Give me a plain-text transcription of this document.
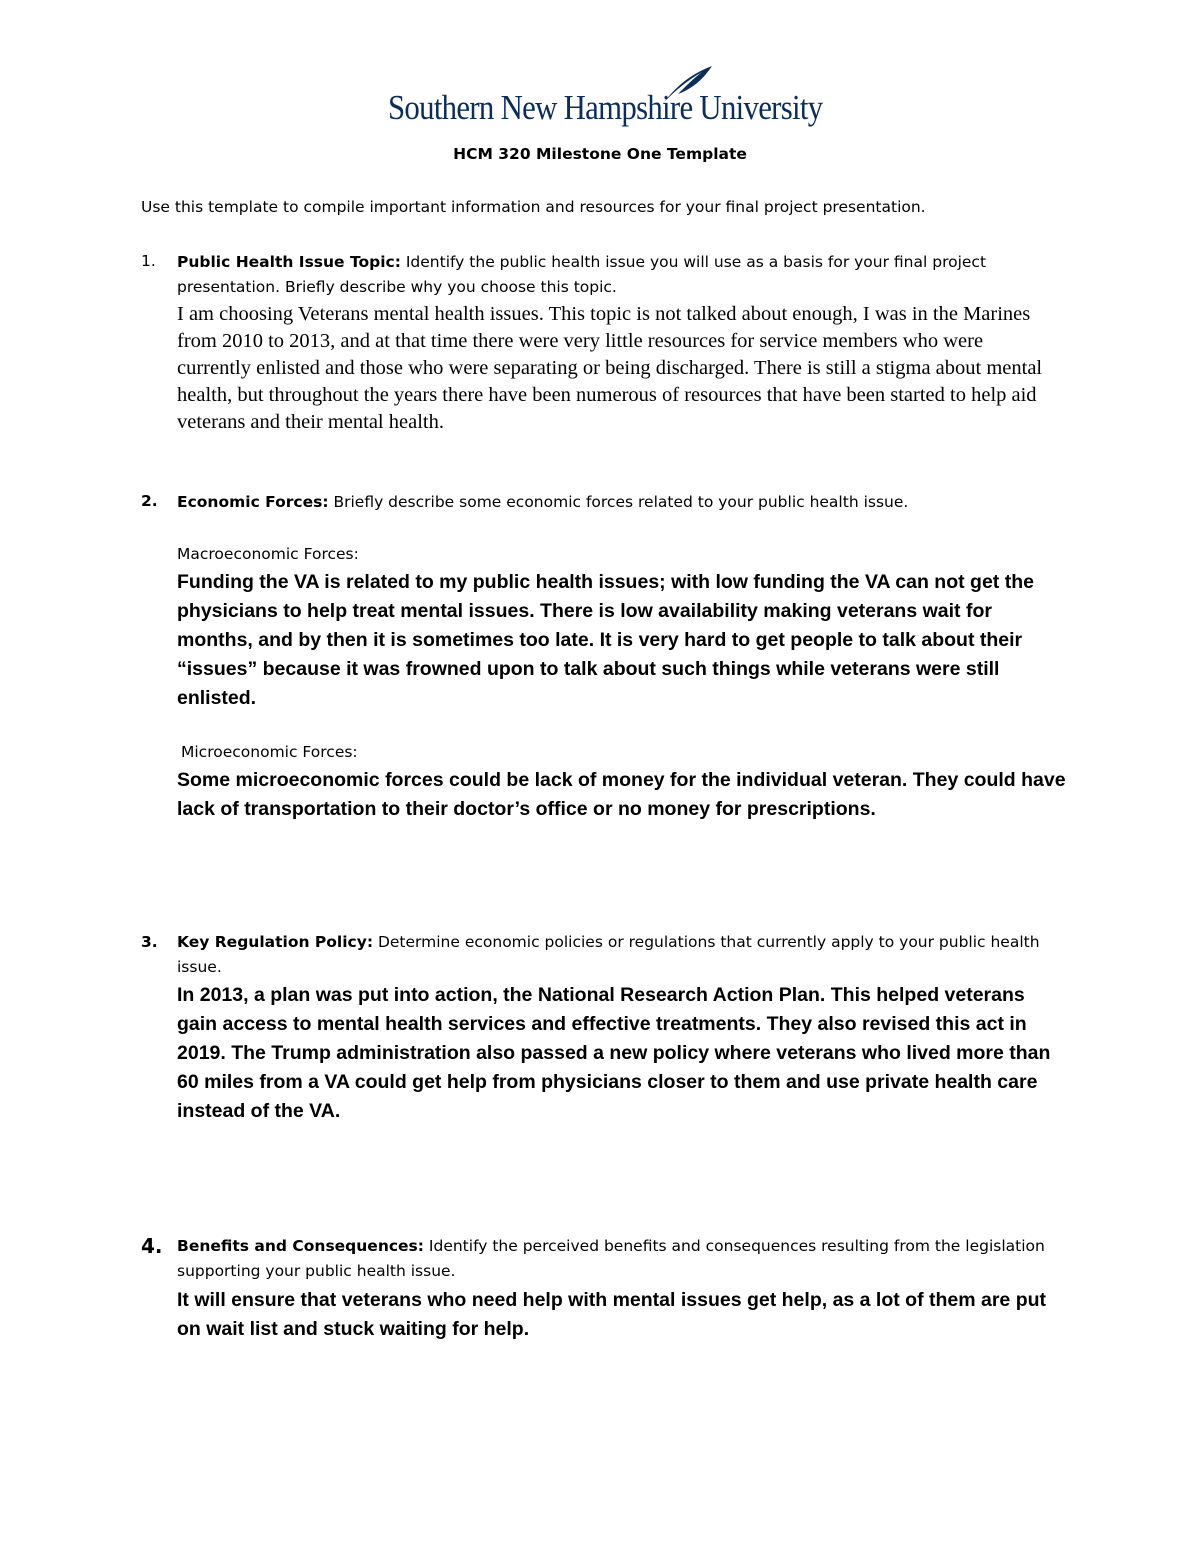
Southern New Hampshire University
HCM 320 Milestone One Template
Use this template to compile important information and resources for your final project presentation.
1. Public Health Issue Topic: Identify the public health issue you will use as a basis for your final project presentation. Briefly describe why you choose this topic.
I am choosing Veterans mental health issues. This topic is not talked about enough, I was in the Marines from 2010 to 2013, and at that time there were very little resources for service members who were currently enlisted and those who were separating or being discharged. There is still a stigma about mental health, but throughout the years there have been numerous of resources that have been started to help aid veterans and their mental health.
2. Economic Forces: Briefly describe some economic forces related to your public health issue.
Macroeconomic Forces:
Funding the VA is related to my public health issues; with low funding the VA can not get the physicians to help treat mental issues. There is low availability making veterans wait for months, and by then it is sometimes too late. It is very hard to get people to talk about their “issues” because it was frowned upon to talk about such things while veterans were still enlisted.
Microeconomic Forces:
Some microeconomic forces could be lack of money for the individual veteran. They could have lack of transportation to their doctor’s office or no money for prescriptions.
3. Key Regulation Policy: Determine economic policies or regulations that currently apply to your public health issue.
In 2013, a plan was put into action, the National Research Action Plan. This helped veterans gain access to mental health services and effective treatments. They also revised this act in 2019. The Trump administration also passed a new policy where veterans who lived more than 60 miles from a VA could get help from physicians closer to them and use private health care instead of the VA.
4. Benefits and Consequences: Identify the perceived benefits and consequences resulting from the legislation supporting your public health issue.
It will ensure that veterans who need help with mental issues get help, as a lot of them are put on wait list and stuck waiting for help.
